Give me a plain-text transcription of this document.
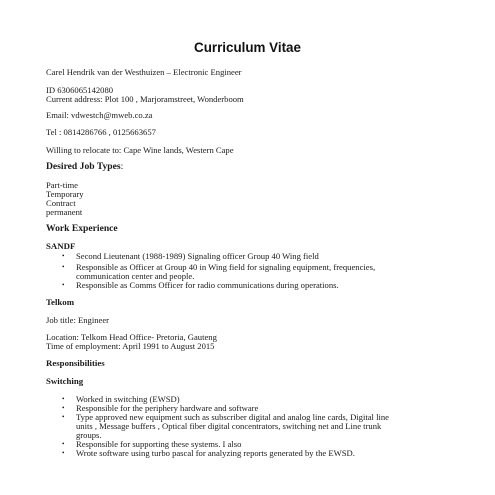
Curriculum Vitae
Carel Hendrik van der Westhuizen – Electronic Engineer
ID 6306065142080
Current address: Plot 100 , Marjoramstreet, Wonderboom
Email: vdwestch@mweb.co.za
Tel : 0814286766 , 0125663657
Willing to relocate to: Cape Wine lands, Western Cape
Desired Job Types:
Part-time
Temporary
Contract
permanent
Work Experience
SANDF
• Second Lieutenant (1988-1989) Signaling officer Group 40 Wing field
• Responsible as Officer at Group 40 in Wing field for signaling equipment, frequencies,
communication center and people.
• Responsible as Comms Officer for radio communications during operations.
Telkom
Job title: Engineer
Location: Telkom Head Office- Pretoria, Gauteng
Time of employment: April 1991 to August 2015
Responsibilities
Switching
• Worked in switching (EWSD)
• Responsible for the periphery hardware and software
• Type approved new equipment such as subscriber digital and analog line cards, Digital line
units , Message buffers , Optical fiber digital concentrators, switching net and Line trunk
groups.
• Responsible for supporting these systems. I also
• Wrote software using turbo pascal for analyzing reports generated by the EWSD.
